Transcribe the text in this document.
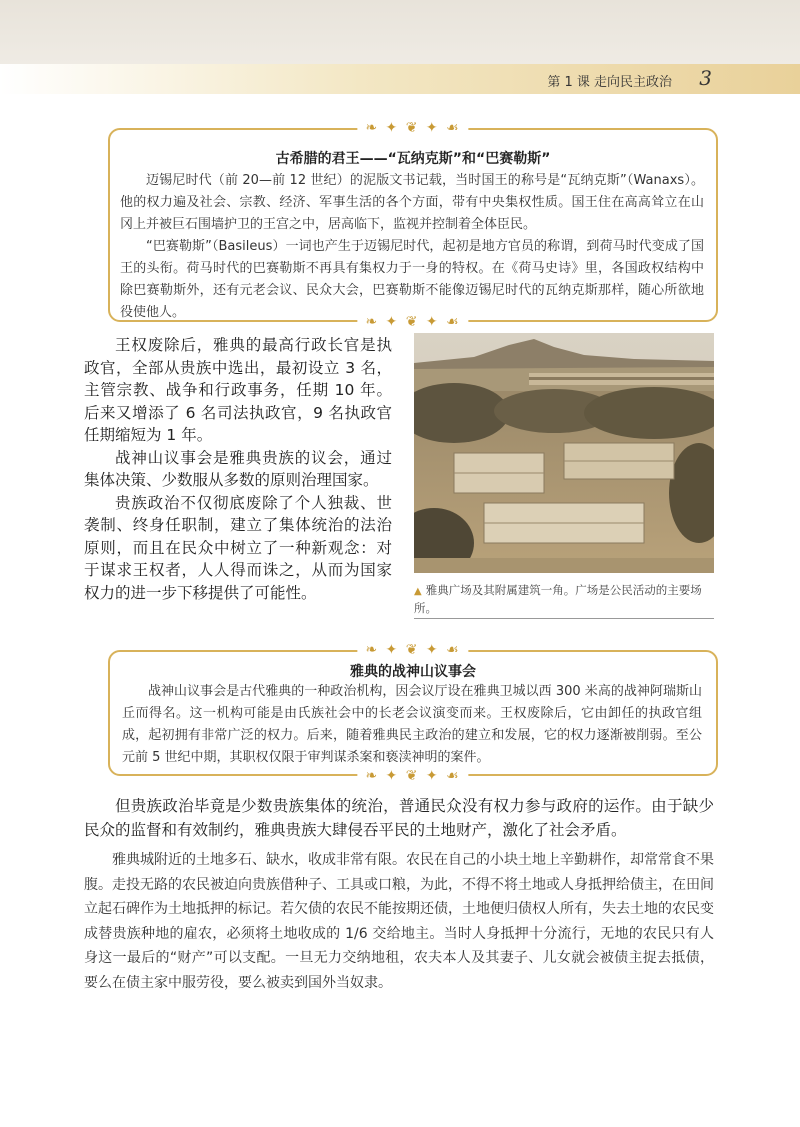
第 1 课 走向民主政治 3
❧ ✦ ❦ ✦ ☙
❧ ✦ ❦ ✦ ☙
古希腊的君王——“瓦纳克斯”和“巴赛勒斯”

迈锡尼时代（前 20—前 12 世纪）的泥版文书记载，当时国王的称号是“瓦纳克斯”（Wanaxs）。他的权力遍及社会、宗教、经济、军事生活的各个方面，带有中央集权性质。国王住在高高耸立在山冈上并被巨石围墙护卫的王宫之中，居高临下，监视并控制着全体臣民。

“巴赛勒斯”（Basileus）一词也产生于迈锡尼时代，起初是地方官员的称谓，到荷马时代变成了国王的头衔。荷马时代的巴赛勒斯不再具有集权力于一身的特权。在《荷马史诗》里，各国政权结构中除巴赛勒斯外，还有元老会议、民众大会，巴赛勒斯不能像迈锡尼时代的瓦纳克斯那样，随心所欲地役使他人。

王权废除后，雅典的最高行政长官是执政官，全部从贵族中选出，最初设立 3 名，主管宗教、战争和行政事务，任期 10 年。后来又增添了 6 名司法执政官，9 名执政官任期缩短为 1 年。

战神山议事会是雅典贵族的议会，通过集体决策、少数服从多数的原则治理国家。

贵族政治不仅彻底废除了个人独裁、世袭制、终身任职制，建立了集体统治的法治原则，而且在民众中树立了一种新观念：对于谋求王权者，人人得而诛之，从而为国家权力的进一步下移提供了可能性。	▲ 雅典广场及其附属建筑一角。广场是公民活动的主要场所。
❧ ✦ ❦ ✦ ☙
❧ ✦ ❦ ✦ ☙
雅典的战神山议事会

战神山议事会是古代雅典的一种政治机构，因会议厅设在雅典卫城以西 300 米高的战神阿瑞斯山丘而得名。这一机构可能是由氏族社会中的长老会议演变而来。王权废除后，它由卸任的执政官组成，起初拥有非常广泛的权力。后来，随着雅典民主政治的建立和发展，它的权力逐渐被削弱。至公元前 5 世纪中期，其职权仅限于审判谋杀案和亵渎神明的案件。

但贵族政治毕竟是少数贵族集体的统治，普通民众没有权力参与政府的运作。由于缺少民众的监督和有效制约，雅典贵族大肆侵吞平民的土地财产，激化了社会矛盾。

雅典城附近的土地多石、缺水，收成非常有限。农民在自己的小块土地上辛勤耕作，却常常食不果腹。走投无路的农民被迫向贵族借种子、工具或口粮，为此，不得不将土地或人身抵押给债主，在田间立起石碑作为土地抵押的标记。若欠债的农民不能按期还债，土地便归债权人所有，失去土地的农民变成替贵族种地的雇农，必须将土地收成的 1/6 交给地主。当时人身抵押十分流行，无地的农民只有人身这一最后的“财产”可以支配。一旦无力交纳地租，农夫本人及其妻子、儿女就会被债主捉去抵债，要么在债主家中服劳役，要么被卖到国外当奴隶。
